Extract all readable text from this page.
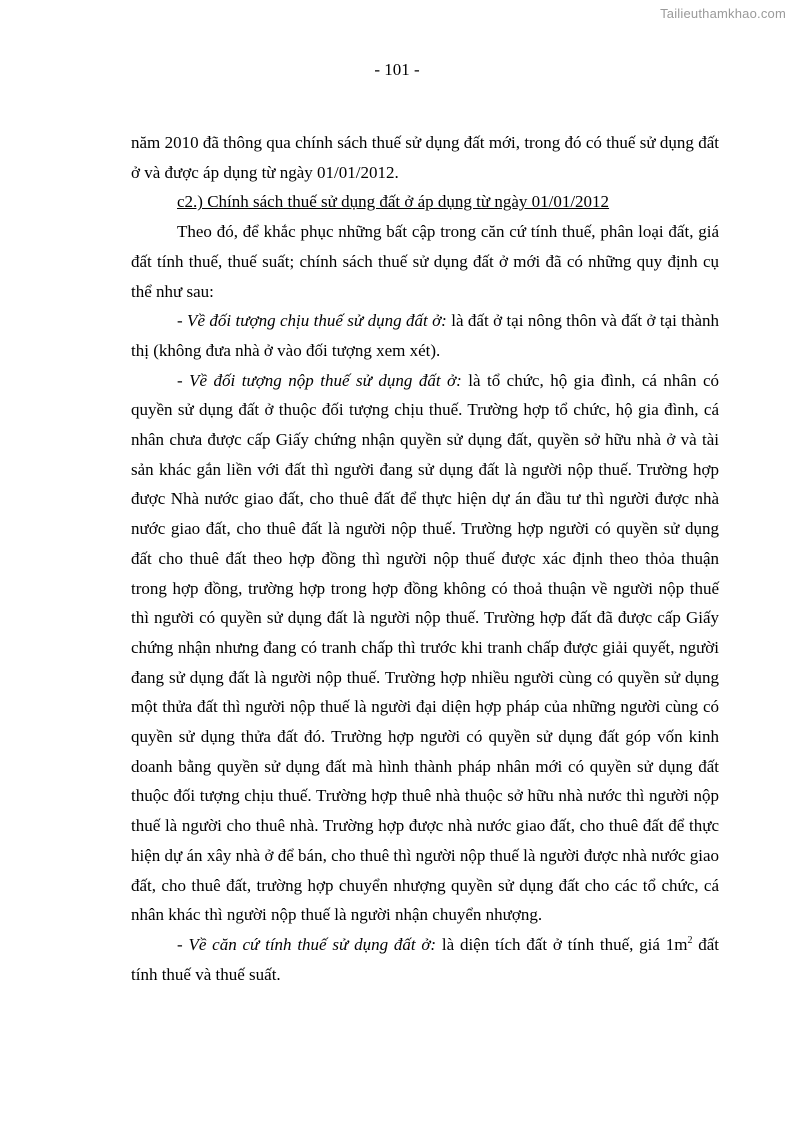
Tailieuthamkhao.com
- 101 -

năm 2010 đã thông qua chính sách thuế sử dụng đất mới, trong đó có thuế sử dụng đất ở và được áp dụng từ ngày 01/01/2012.

c2.) Chính sách thuế sử dụng đất ở áp dụng từ ngày 01/01/2012

Theo đó, để khắc phục những bất cập trong căn cứ tính thuế, phân loại đất, giá đất tính thuế, thuế suất; chính sách thuế sử dụng đất ở mới đã có những quy định cụ thể như sau:

- Về đối tượng chịu thuế sử dụng đất ở: là đất ở tại nông thôn và đất ở tại thành thị (không đưa nhà ở vào đối tượng xem xét).

- Về đối tượng nộp thuế sử dụng đất ở: là tổ chức, hộ gia đình, cá nhân có quyền sử dụng đất ở thuộc đối tượng chịu thuế. Trường hợp tổ chức, hộ gia đình, cá nhân chưa được cấp Giấy chứng nhận quyền sử dụng đất, quyền sở hữu nhà ở và tài sản khác gắn liền với đất thì người đang sử dụng đất là người nộp thuế. Trường hợp được Nhà nước giao đất, cho thuê đất để thực hiện dự án đầu tư thì người được nhà nước giao đất, cho thuê đất là người nộp thuế. Trường hợp người có quyền sử dụng đất cho thuê đất theo hợp đồng thì người nộp thuế được xác định theo thỏa thuận trong hợp đồng, trường hợp trong hợp đồng không có thoả thuận về người nộp thuế thì người có quyền sử dụng đất là người nộp thuế. Trường hợp đất đã được cấp Giấy chứng nhận nhưng đang có tranh chấp thì trước khi tranh chấp được giải quyết, người đang sử dụng đất là người nộp thuế. Trường hợp nhiều người cùng có quyền sử dụng một thửa đất thì người nộp thuế là người đại diện hợp pháp của những người cùng có quyền sử dụng thửa đất đó. Trường hợp người có quyền sử dụng đất góp vốn kinh doanh bằng quyền sử dụng đất mà hình thành pháp nhân mới có quyền sử dụng đất thuộc đối tượng chịu thuế. Trường hợp thuê nhà thuộc sở hữu nhà nước thì người nộp thuế là người cho thuê nhà. Trường hợp được nhà nước giao đất, cho thuê đất để thực hiện dự án xây nhà ở để bán, cho thuê thì người nộp thuế là người được nhà nước giao đất, cho thuê đất, trường hợp chuyển nhượng quyền sử dụng đất cho các tổ chức, cá nhân khác thì người nộp thuế là người nhận chuyển nhượng.

- Về căn cứ tính thuế sử dụng đất ở: là diện tích đất ở tính thuế, giá $1m^2$ đất tính thuế và thuế suất.
